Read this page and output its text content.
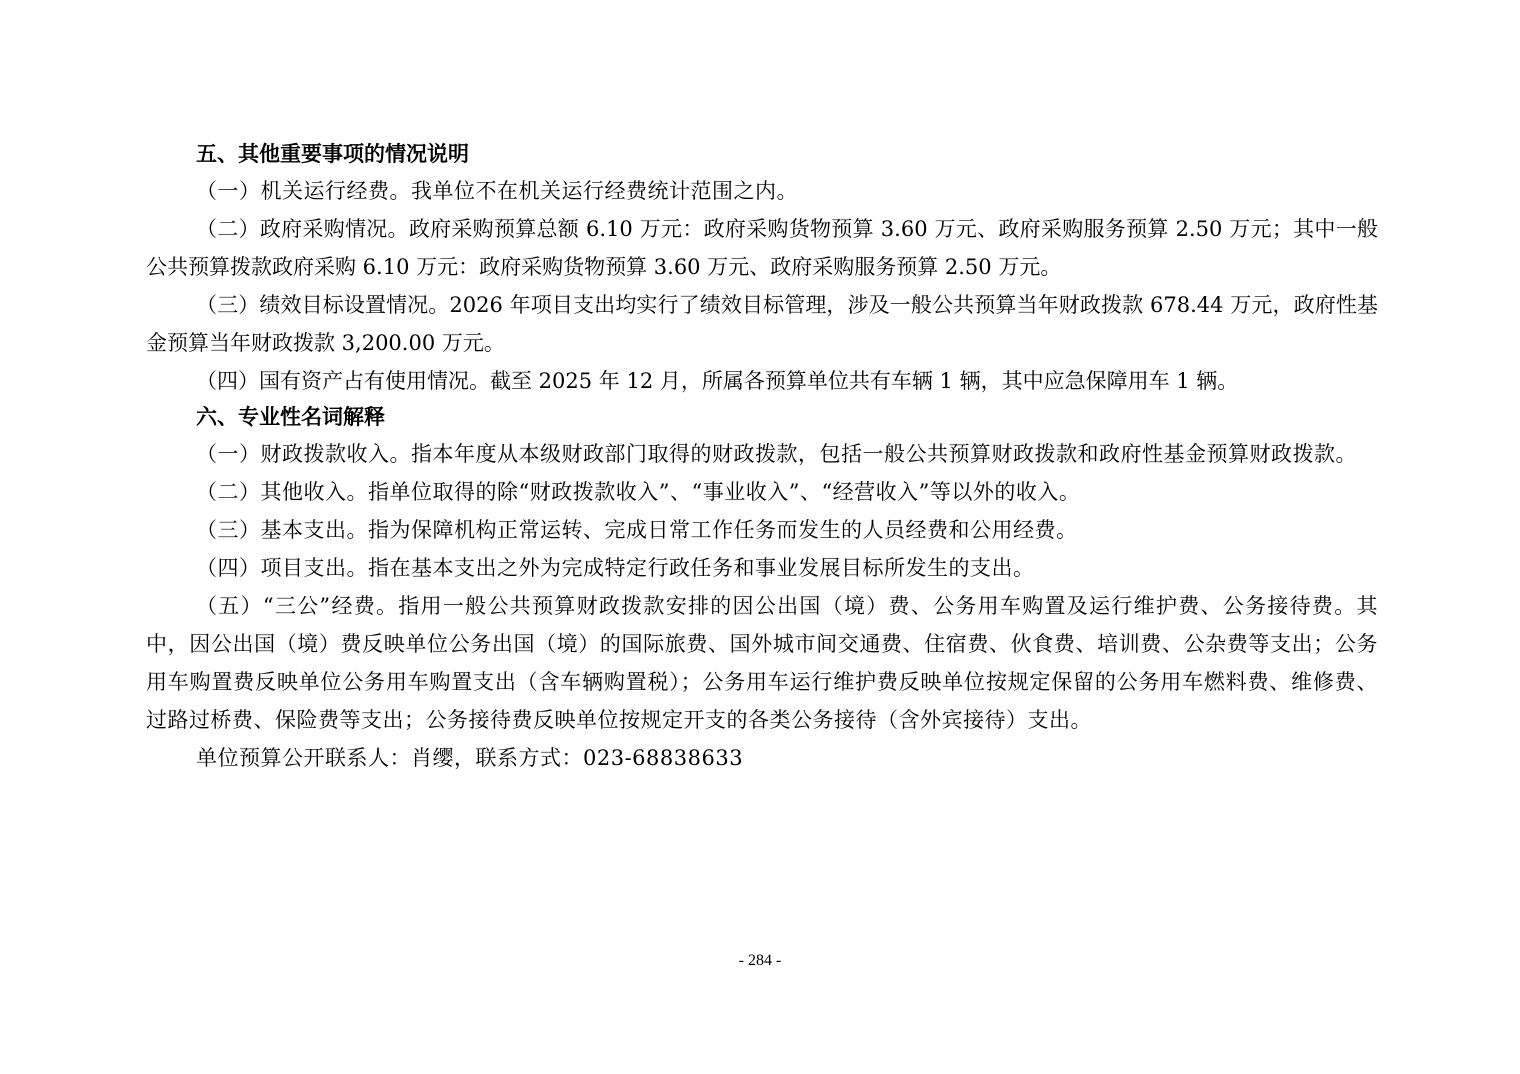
五、其他重要事项的情况说明

（一）机关运行经费。我单位不在机关运行经费统计范围之内。

（二）政府采购情况。政府采购预算总额 6.10 万元：政府采购货物预算 3.60 万元、政府采购服务预算 2.50 万元；其中一般公共预算拨款政府采购 6.10 万元：政府采购货物预算 3.60 万元、政府采购服务预算 2.50 万元。

（三）绩效目标设置情况。2026 年项目支出均实行了绩效目标管理，涉及一般公共预算当年财政拨款 678.44 万元，政府性基金预算当年财政拨款 3,200.00 万元。

（四）国有资产占有使用情况。截至 2025 年 12 月，所属各预算单位共有车辆 1 辆，其中应急保障用车 1 辆。

六、专业性名词解释

（一）财政拨款收入。指本年度从本级财政部门取得的财政拨款，包括一般公共预算财政拨款和政府性基金预算财政拨款。

（二）其他收入。指单位取得的除“财政拨款收入”、“事业收入”、“经营收入”等以外的收入。

（三）基本支出。指为保障机构正常运转、完成日常工作任务而发生的人员经费和公用经费。

（四）项目支出。指在基本支出之外为完成特定行政任务和事业发展目标所发生的支出。

（五）“三公”经费。指用一般公共预算财政拨款安排的因公出国（境）费、公务用车购置及运行维护费、公务接待费。其中，因公出国（境）费反映单位公务出国（境）的国际旅费、国外城市间交通费、住宿费、伙食费、培训费、公杂费等支出；公务用车购置费反映单位公务用车购置支出（含车辆购置税）；公务用车运行维护费反映单位按规定保留的公务用车燃料费、维修费、过路过桥费、保险费等支出；公务接待费反映单位按规定开支的各类公务接待（含外宾接待）支出。

单位预算公开联系人：肖缨，联系方式：023-68838633

- 284 -
